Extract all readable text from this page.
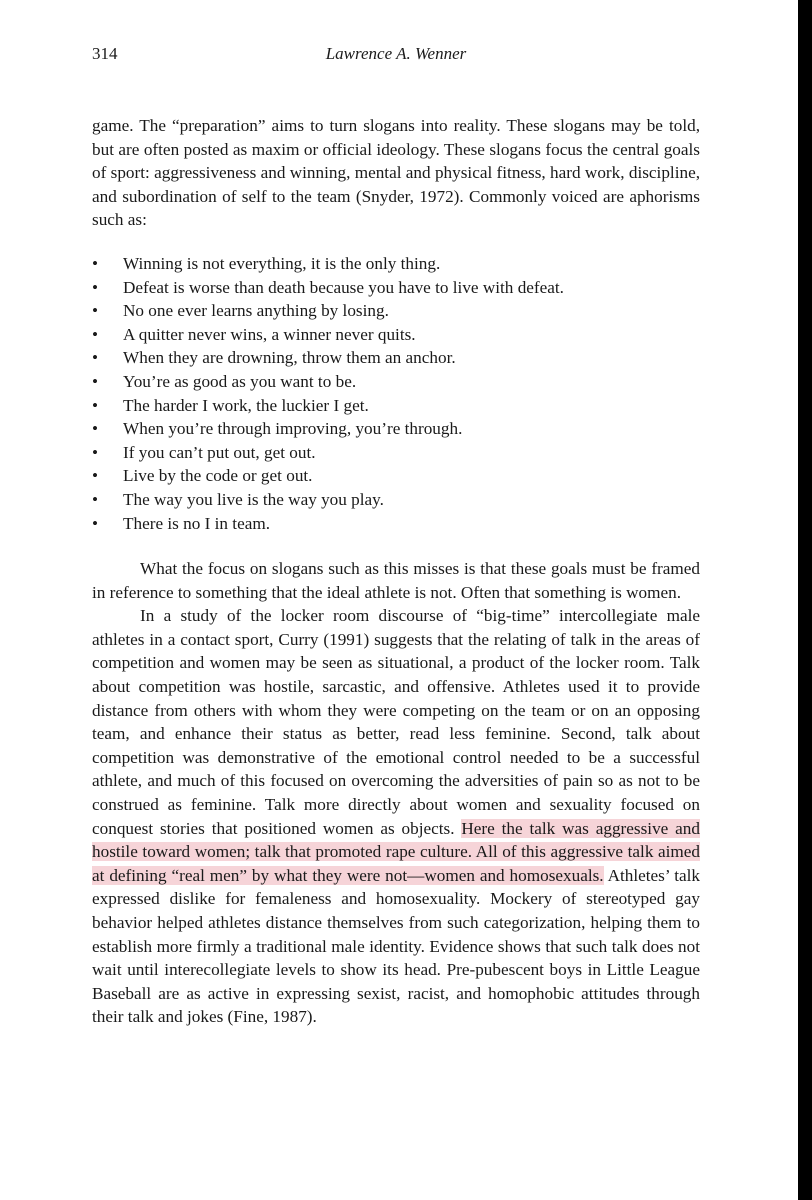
314	Lawrence A. Wenner

game. The “preparation” aims to turn slogans into reality. These slogans may be told, but are often posted as maxim or official ideology. These slogans focus the central goals of sport: aggressiveness and winning, mental and physical fitness, hard work, discipline, and subordination of self to the team (Snyder, 1972). Commonly voiced are aphorisms such as:

• Winning is not everything, it is the only thing.
• Defeat is worse than death because you have to live with defeat.
• No one ever learns anything by losing.
• A quitter never wins, a winner never quits.
• When they are drowning, throw them an anchor.
• You’re as good as you want to be.
• The harder I work, the luckier I get.
• When you’re through improving, you’re through.
• If you can’t put out, get out.
• Live by the code or get out.
• The way you live is the way you play.
• There is no I in team.

What the focus on slogans such as this misses is that these goals must be framed in reference to something that the ideal athlete is not. Often that something is women.

In a study of the locker room discourse of “big-time” intercollegiate male athletes in a contact sport, Curry (1991) suggests that the relating of talk in the areas of competition and women may be seen as situational, a product of the locker room. Talk about competition was hostile, sarcastic, and offensive. Athletes used it to provide distance from others with whom they were competing on the team or on an opposing team, and enhance their status as better, read less feminine. Second, talk about competition was demonstrative of the emotional control needed to be a successful athlete, and much of this focused on overcoming the adversities of pain so as not to be construed as feminine. Talk more directly about women and sexuality focused on conquest stories that positioned women as objects. Here the talk was aggressive and hostile toward women; talk that promoted rape culture. All of this aggressive talk aimed at defining “real men” by what they were not—women and homosexuals. Athletes’ talk expressed dislike for femaleness and homosexuality. Mockery of stereotyped gay behavior helped athletes distance themselves from such categorization, helping them to establish more firmly a traditional male identity. Evidence shows that such talk does not wait until interecollegiate levels to show its head. Pre-pubescent boys in Little League Baseball are as active in expressing sexist, racist, and homophobic attitudes through their talk and jokes (Fine, 1987).
